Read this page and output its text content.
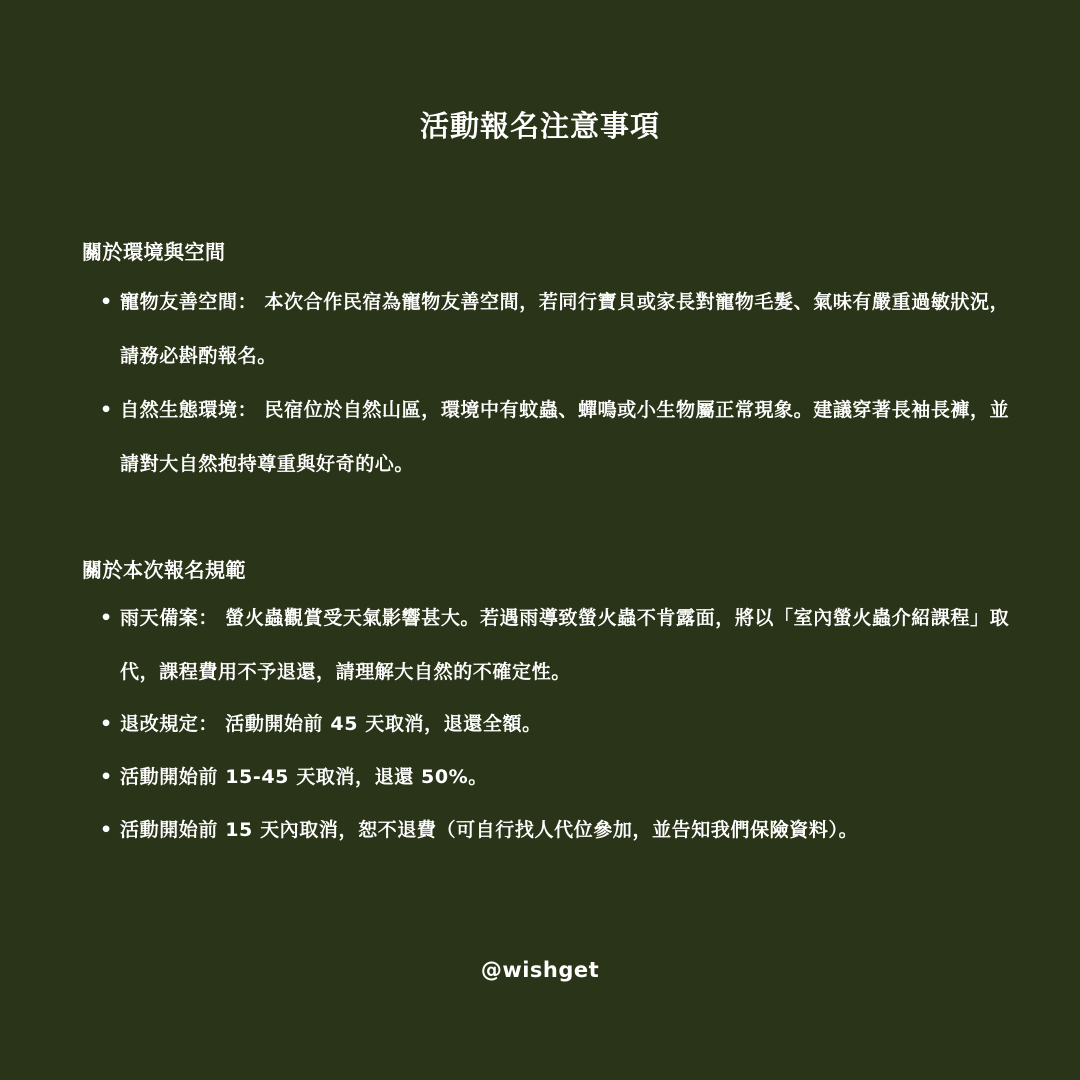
活動報名注意事項
關於環境與空間
• 寵物友善空間： 本次合作民宿為寵物友善空間，若同行寶貝或家長對寵物毛髮、氣味有嚴重過敏狀況，請務必斟酌報名。
• 自然生態環境： 民宿位於自然山區，環境中有蚊蟲、蟬鳴或小生物屬正常現象。建議穿著長袖長褲，並請對大自然抱持尊重與好奇的心。
關於本次報名規範
• 雨天備案： 螢火蟲觀賞受天氣影響甚大。若遇雨導致螢火蟲不肯露面，將以「室內螢火蟲介紹課程」取代，課程費用不予退還，請理解大自然的不確定性。
• 退改規定： 活動開始前 45 天取消，退還全額。
• 活動開始前 15-45 天取消，退還 50%。
• 活動開始前 15 天內取消，恕不退費（可自行找人代位參加，並告知我們保險資料）。
@wishget
